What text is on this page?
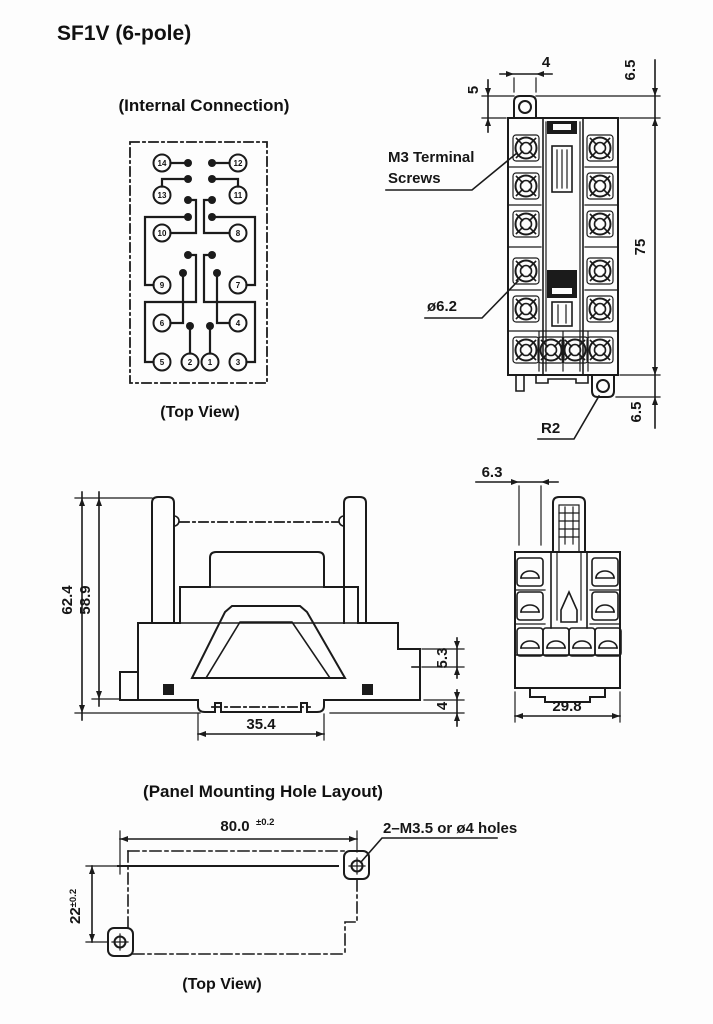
SF1V (6-pole)
(Internal Connection)
14	12
13	11
10	8
9	7
6	4
5	2 1	3
(Top View)
4
5
6.5
75
6.5
M3 Terminal
Screws
ø6.2
R2
62.4 58.9
35.4
5.3
4
6.3
29.8
(Panel Mounting Hole Layout)
80.0 ±0.2
$22^{\pm 0.2}$
2–M3.5 or ø4 holes
(Top View)
